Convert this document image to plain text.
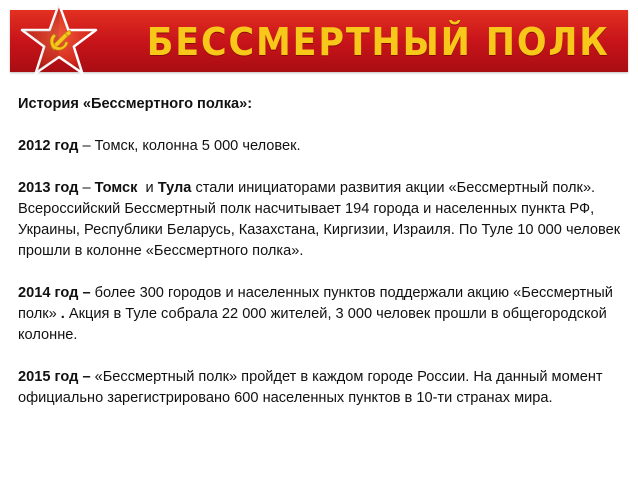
БЕССМЕРТНЫЙ ПОЛК

История «Бессмертного полка»:

2012 год – Томск, колонна 5 000 человек.

2013 год – Томск  и Тула стали инициаторами развития акции «Бессмертный полк». Всероссийский Бессмертный полк насчитывает 194 города и населенных пункта РФ, Украины, Республики Беларусь, Казахстана, Киргизии, Израиля. По Туле 10 000 человек прошли в колонне «Бессмертного полка».

2014 год – более 300 городов и населенных пунктов поддержали акцию «Бессмертный полк» . Акция в Туле собрала 22 000 жителей, 3 000 человек прошли в общегородской колонне.

2015 год – «Бессмертный полк» пройдет в каждом городе России. На данный момент официально зарегистрировано 600 населенных пунктов в 10-ти странах мира.
